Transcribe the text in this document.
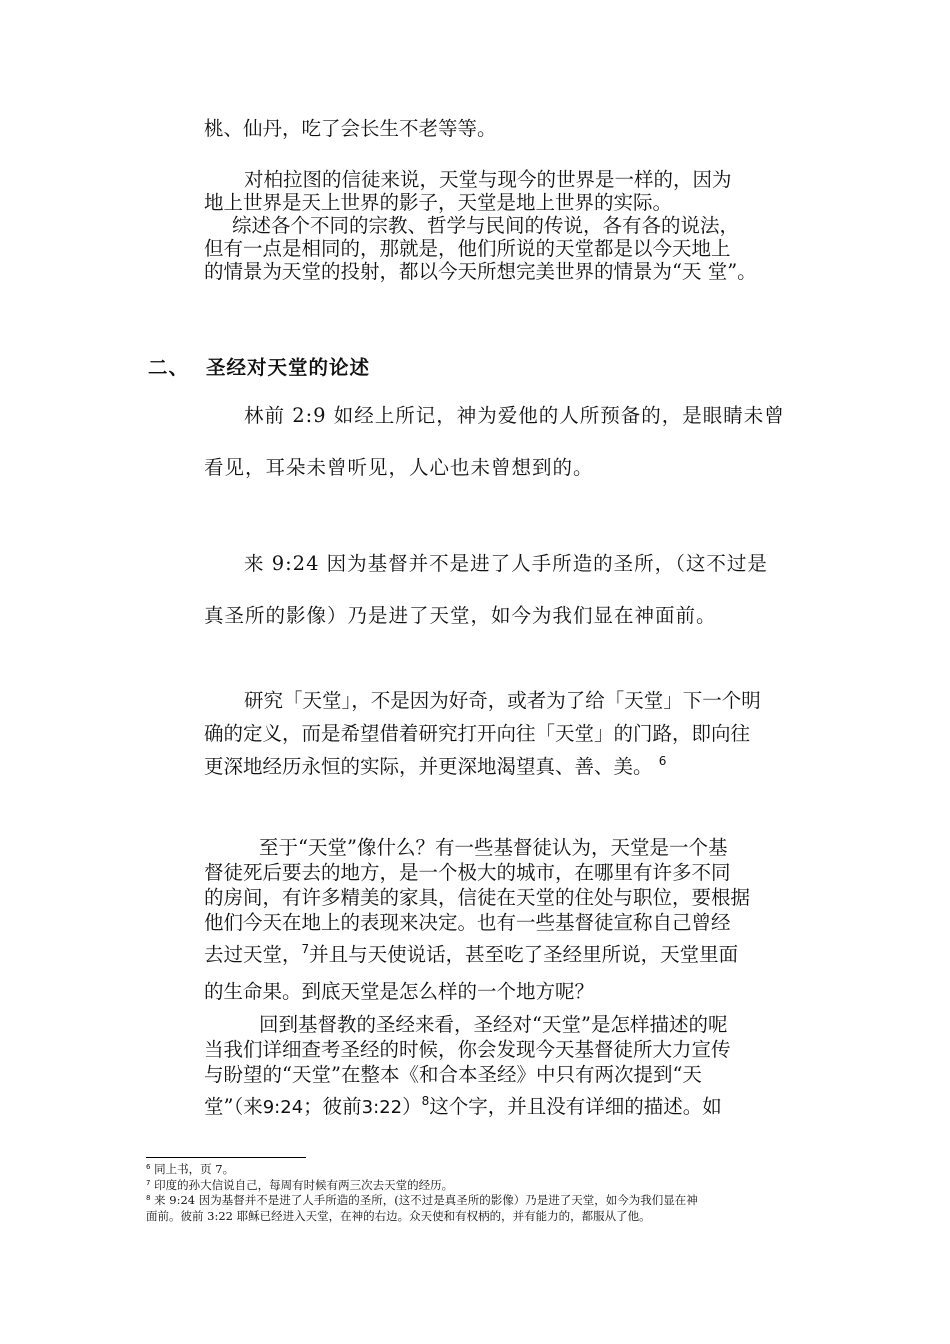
桃、仙丹，吃了会长生不老等等。
对柏拉图的信徒来说，天堂与现今的世界是一样的，因为 地上世界是天上世界的影子，天堂是地上世界的实际。
综述各个不同的宗教、哲学与民间的传说，各有各的说法， 但有一点是相同的，那就是，他们所说的天堂都是以今天地上 的情景为天堂的投射，都以今天所想完美世界的情景为“天 堂”。
二、 圣经对天堂的论述
林前 2:9 如经上所记，神为爱他的人所预备的，是眼睛未曾 看见，耳朵未曾听见，人心也未曾想到的。
来 9:24 因为基督并不是进了人手所造的圣所，（这不过是 真圣所的影像）乃是进了天堂，如今为我们显在神面前。
研究「天堂」，不是因为好奇，或者为了给「天堂」下一个明 确的定义，而是希望借着研究打开向往「天堂」的门路，即向往 更深地经历永恒的实际，并更深地渴望真、善、美。 $^6$
至于“天堂”像什么？有一些基督徒认为，天堂是一个基 督徒死后要去的地方，是一个极大的城市，在哪里有许多不同 的房间，有许多精美的家具，信徒在天堂的住处与职位，要根据 他们今天在地上的表现来决定。也有一些基督徒宣称自己曾经 去过天堂，$^7$并且与天使说话，甚至吃了圣经里所说，天堂里面 的生命果。到底天堂是怎么样的一个地方呢？
回到基督教的圣经来看，圣经对“天堂”是怎样描述的呢 当我们详细查考圣经的时候，你会发现今天基督徒所大力宣传 与盼望的“天堂”在整本《和合本圣经》中只有两次提到“天 堂”（来9:24；彼前3:22）$^8$这个字，并且没有详细的描述。如
$^6$ 同上书，页 7。
$^7$ 印度的孙大信说自己，每周有时候有两三次去天堂的经历。
$^8$ 来 9:24 因为基督并不是进了人手所造的圣所，(这不过是真圣所的影像）乃是进了天堂，如今为我们显在神
面前。彼前 3:22 耶稣已经进入天堂，在神的右边。众天使和有权柄的，并有能力的，都服从了他。
